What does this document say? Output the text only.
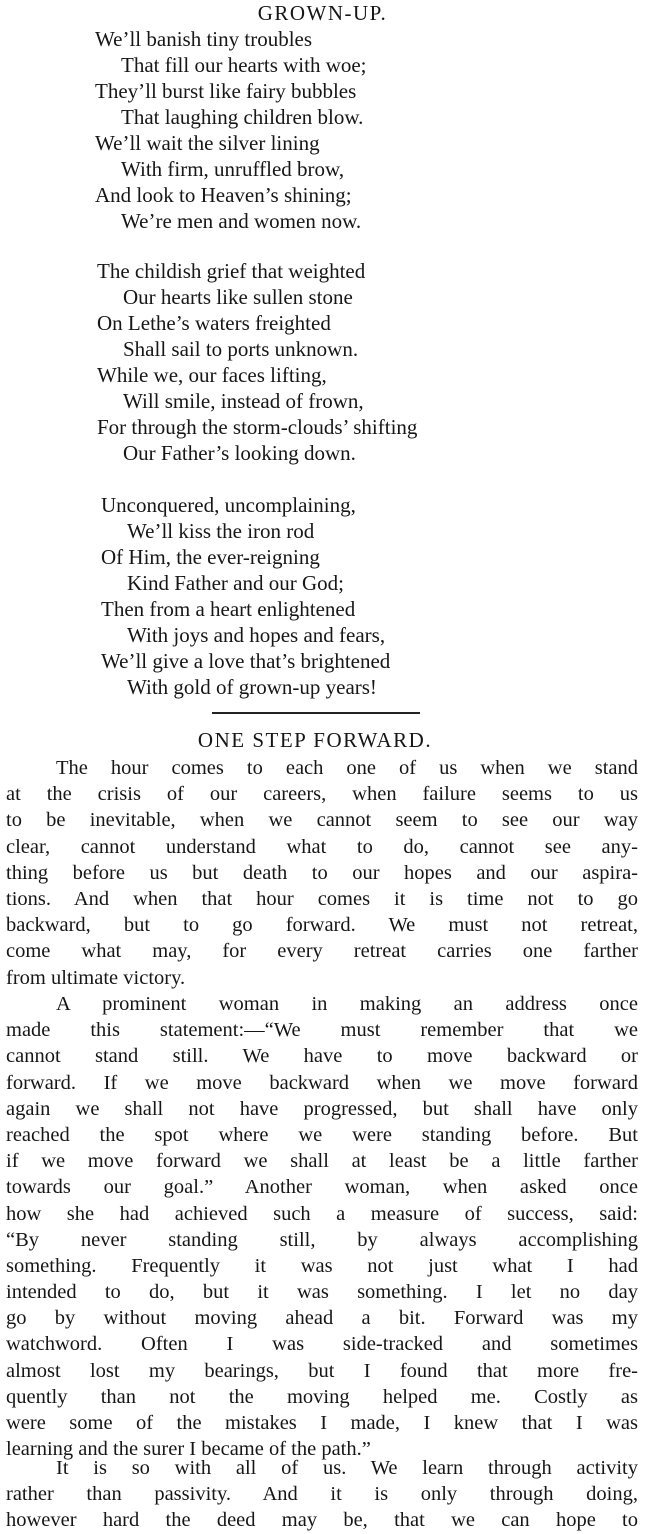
GROWN-UP.
We’ll banish tiny troubles
That fill our hearts with woe;
They’ll burst like fairy bubbles
That laughing children blow.
We’ll wait the silver lining
With firm, unruffled brow,
And look to Heaven’s shining;
We’re men and women now.
The childish grief that weighted
Our hearts like sullen stone
On Lethe’s waters freighted
Shall sail to ports unknown.
While we, our faces lifting,
Will smile, instead of frown,
For through the storm-clouds’ shifting
Our Father’s looking down.
Unconquered, uncomplaining,
We’ll kiss the iron rod
Of Him, the ever-reigning
Kind Father and our God;
Then from a heart enlightened
With joys and hopes and fears,
We’ll give a love that’s brightened
With gold of grown-up years!
ONE STEP FORWARD.
The hour comes to each one of us when we stand
at the crisis of our careers, when failure seems to us
to be inevitable, when we cannot seem to see our way
clear, cannot understand what to do, cannot see any-
thing before us but death to our hopes and our aspira-
tions. And when that hour comes it is time not to go
backward, but to go forward. We must not retreat,
come what may, for every retreat carries one farther
from ultimate victory.
A prominent woman in making an address once
made this statement:—“We must remember that we
cannot stand still. We have to move backward or
forward. If we move backward when we move forward
again we shall not have progressed, but shall have only
reached the spot where we were standing before. But
if we move forward we shall at least be a little farther
towards our goal.” Another woman, when asked once
how she had achieved such a measure of success, said:
“By never standing still, by always accomplishing
something. Frequently it was not just what I had
intended to do, but it was something. I let no day
go by without moving ahead a bit. Forward was my
watchword. Often I was side-tracked and sometimes
almost lost my bearings, but I found that more fre-
quently than not the moving helped me. Costly as
were some of the mistakes I made, I knew that I was
learning and the surer I became of the path.”
It is so with all of us. We learn through activity
rather than passivity. And it is only through doing,
however hard the deed may be, that we can hope to
